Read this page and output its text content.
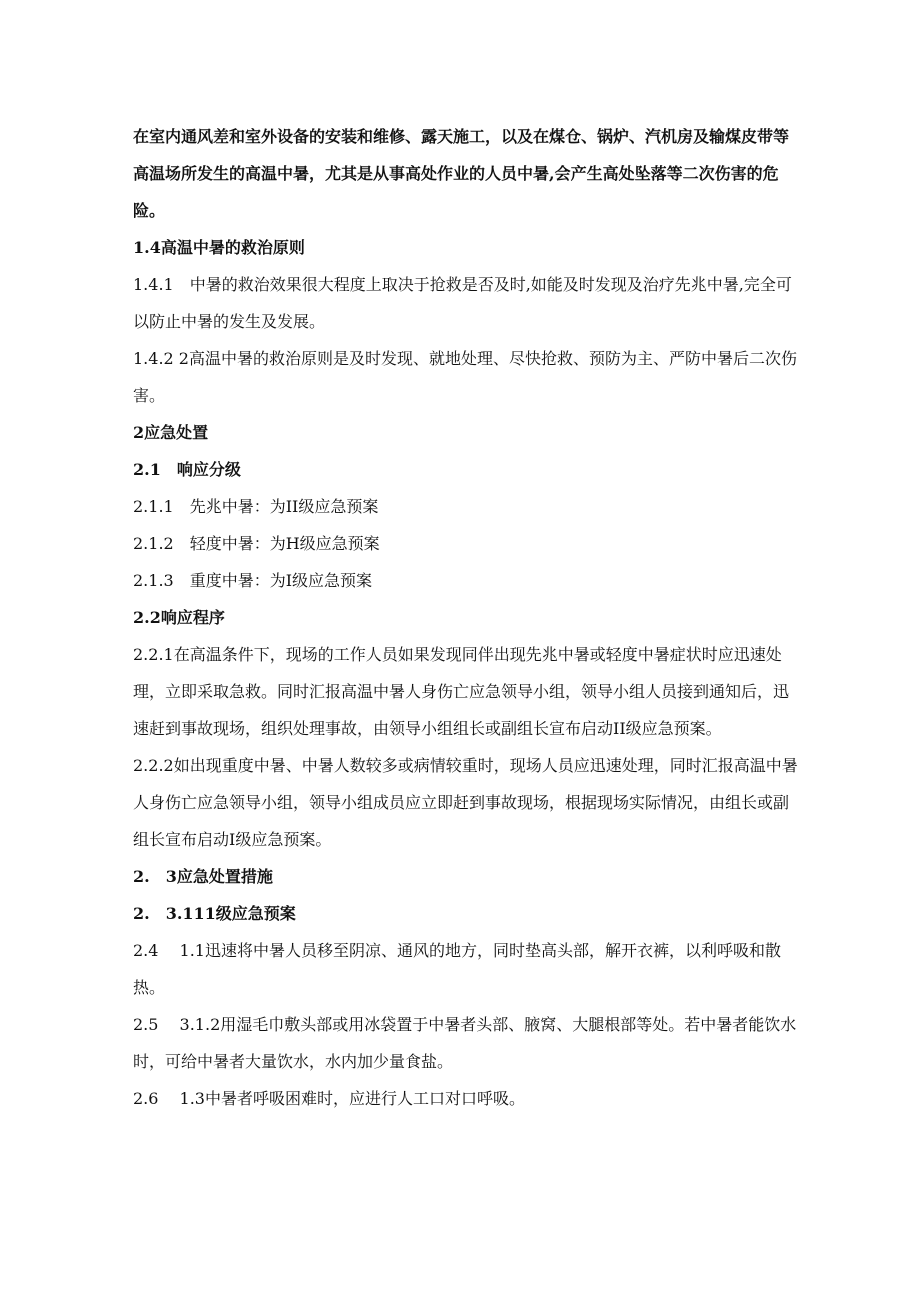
在室内通风差和室外设备的安装和维修、露天施工，以及在煤仓、锅炉、汽机房及输煤皮带等高温场所发生的高温中暑，尤其是从事高处作业的人员中暑,会产生高处坠落等二次伤害的危险。

1.4高温中暑的救治原则

1.4.1　中暑的救治效果很大程度上取决于抢救是否及时,如能及时发现及治疗先兆中暑,完全可以防止中暑的发生及发展。

1.4.2 2高温中暑的救治原则是及时发现、就地处理、尽快抢救、预防为主、严防中暑后二次伤害。

2应急处置

2.1　响应分级

2.1.1　先兆中暑：为II级应急预案

2.1.2　轻度中暑：为H级应急预案

2.1.3　重度中暑：为I级应急预案

2.2响应程序

2.2.1在高温条件下，现场的工作人员如果发现同伴出现先兆中暑或轻度中暑症状时应迅速处理，立即采取急救。同时汇报高温中暑人身伤亡应急领导小组，领导小组人员接到通知后，迅速赶到事故现场，组织处理事故，由领导小组组长或副组长宣布启动II级应急预案。

2.2.2如出现重度中暑、中暑人数较多或病情较重时，现场人员应迅速处理，同时汇报高温中暑人身伤亡应急领导小组，领导小组成员应立即赶到事故现场，根据现场实际情况，由组长或副组长宣布启动I级应急预案。

2.　3应急处置措施

2.　3.111级应急预案

2.4　 1.1迅速将中暑人员移至阴凉、通风的地方，同时垫高头部，解开衣裤，以利呼吸和散热。

2.5　 3.1.2用湿毛巾敷头部或用冰袋置于中暑者头部、腋窝、大腿根部等处。若中暑者能饮水时，可给中暑者大量饮水，水内加少量食盐。

2.6　 1.3中暑者呼吸困难时，应进行人工口对口呼吸。
